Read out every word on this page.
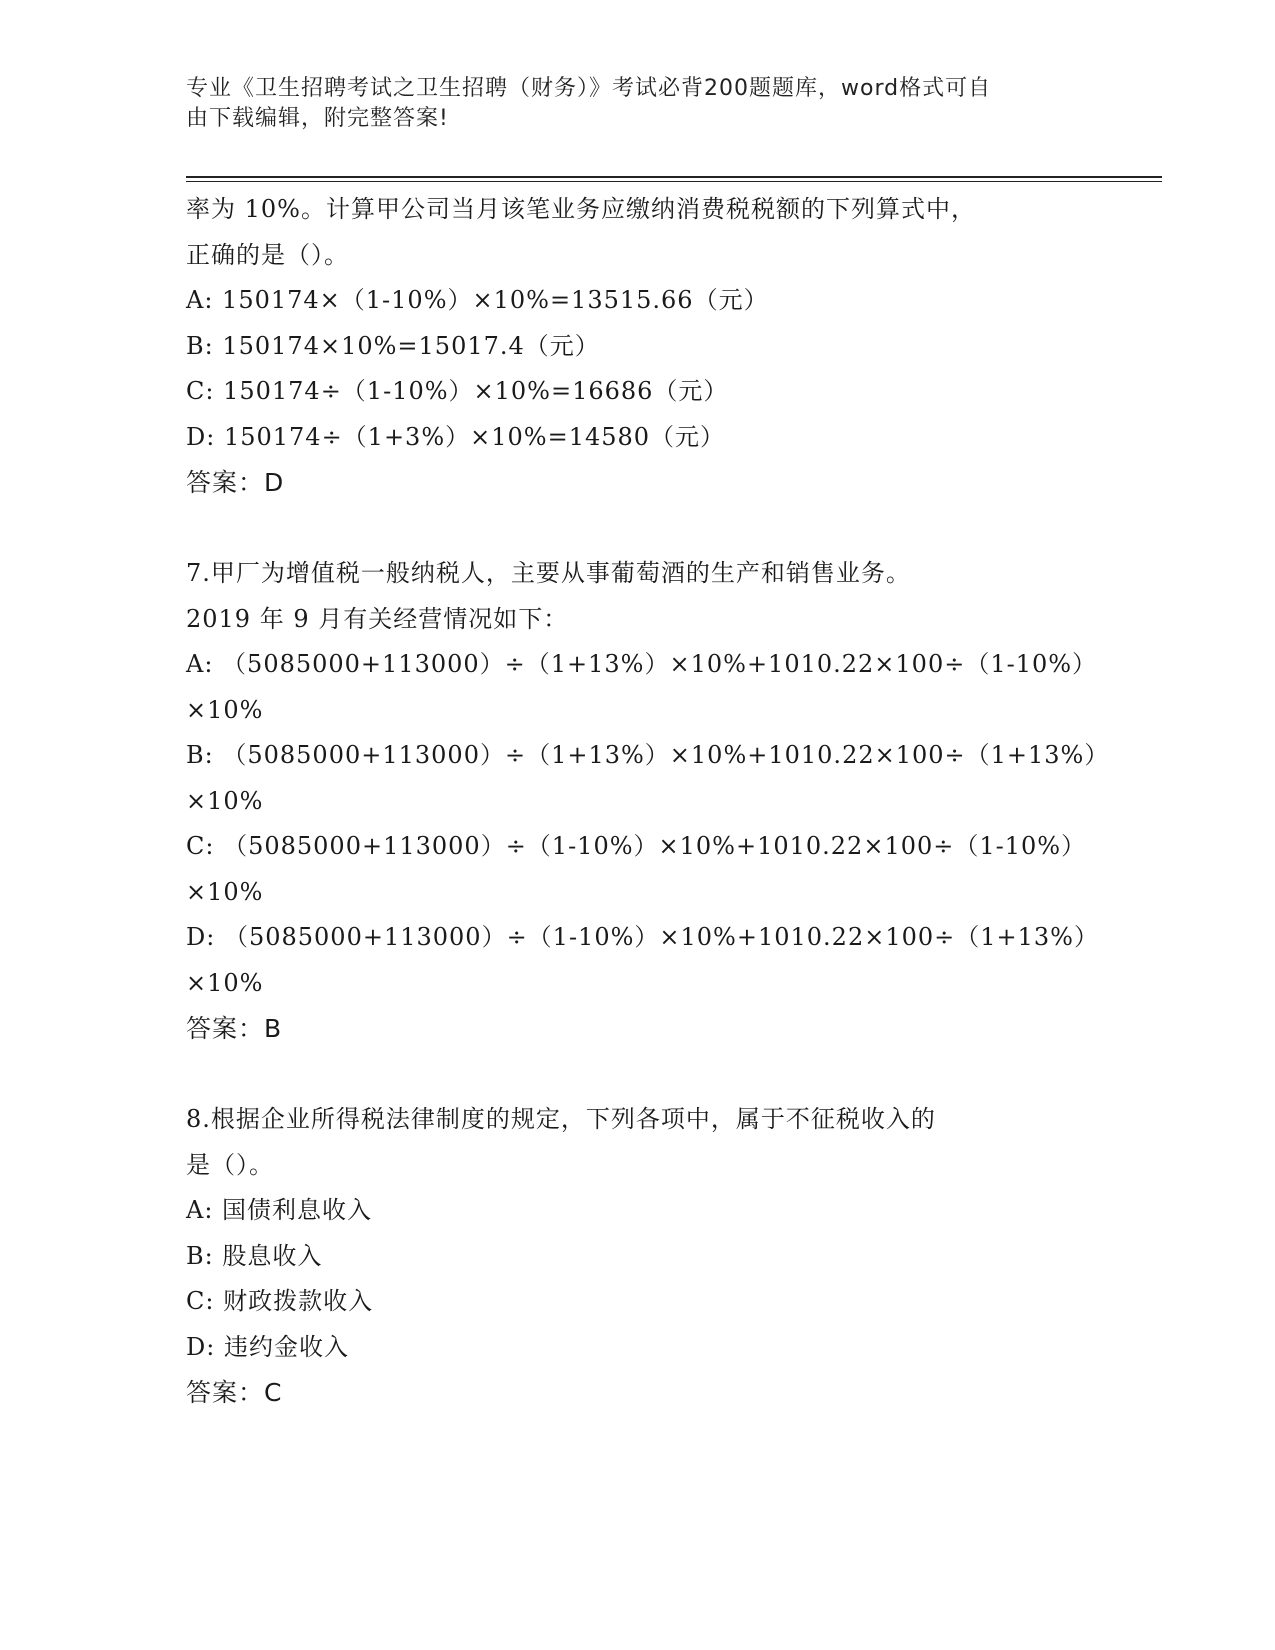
专业《卫生招聘考试之卫生招聘（财务）》考试必背200题题库，word格式可自
由下载编辑，附完整答案!
率为 10%。计算甲公司当月该笔业务应缴纳消费税税额的下列算式中，
正确的是（）。
A: 150174×（1-10%）×10%=13515.66（元）
B: 150174×10%=15017.4（元）
C: 150174÷（1-10%）×10%=16686（元）
D: 150174÷（1+3%）×10%=14580（元）
答案：D
7.甲厂为增值税一般纳税人，主要从事葡萄酒的生产和销售业务。
2019 年 9 月有关经营情况如下：
A: （5085000+113000）÷（1+13%）×10%+1010.22×100÷（1-10%）
×10%
B: （5085000+113000）÷（1+13%）×10%+1010.22×100÷（1+13%）
×10%
C: （5085000+113000）÷（1-10%）×10%+1010.22×100÷（1-10%）
×10%
D: （5085000+113000）÷（1-10%）×10%+1010.22×100÷（1+13%）
×10%
答案：B
8.根据企业所得税法律制度的规定，下列各项中，属于不征税收入的
是（）。
A: 国债利息收入
B: 股息收入
C: 财政拨款收入
D: 违约金收入
答案：C
